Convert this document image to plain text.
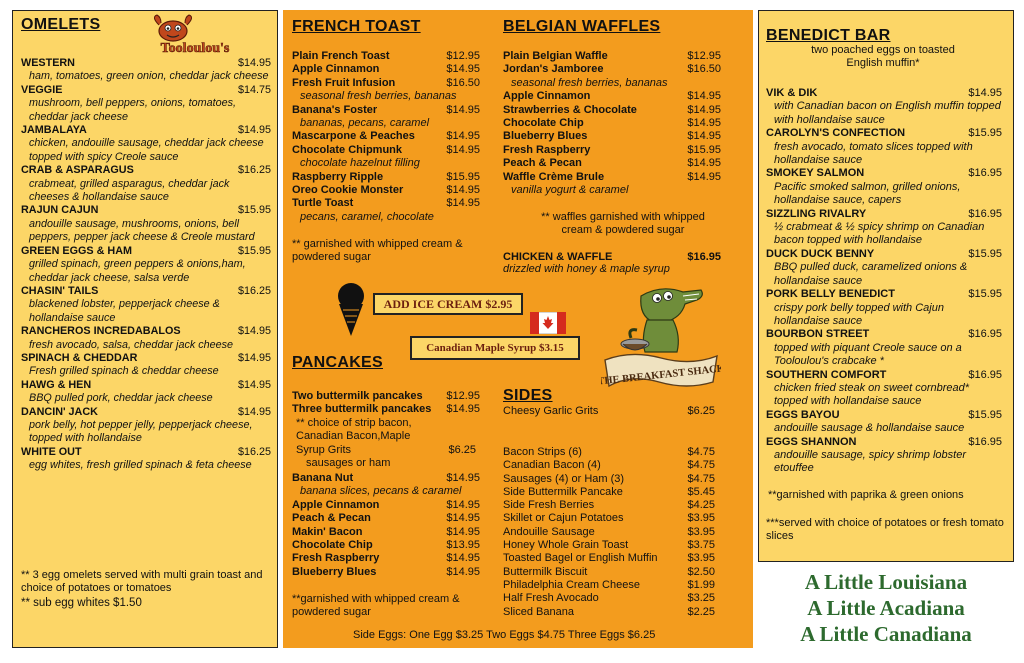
OMELETS
Tooloulou's
WESTERN	$14.95
ham, tomatoes, green onion, cheddar jack cheese
VEGGIE	$14.75
mushroom, bell peppers, onions, tomatoes, cheddar jack cheese
JAMBALAYA	$14.95
chicken, andouille sausage, cheddar jack cheese topped with spicy Creole sauce
CRAB & ASPARAGUS	$16.25
crabmeat, grilled asparagus, cheddar jack cheeses & hollandaise sauce
RAJUN CAJUN	$15.95
andouille sausage, mushrooms, onions, bell peppers, pepper jack cheese & Creole mustard
GREEN EGGS & HAM	$15.95
grilled spinach, green peppers & onions,ham, cheddar jack cheese, salsa verde
CHASIN' TAILS	$16.25
blackened lobster, pepperjack cheese & hollandaise sauce
RANCHEROS INCREDABALOS	$14.95
fresh avocado, salsa, cheddar jack cheese
SPINACH & CHEDDAR	$14.95
Fresh grilled spinach & cheddar cheese
HAWG & HEN	$14.95
BBQ pulled pork, cheddar jack cheese
DANCIN' JACK	$14.95
pork belly, hot pepper jelly, pepperjack cheese, topped with hollandaise
WHITE OUT	$16.25
egg whites, fresh grilled spinach & feta cheese
** 3 egg omelets served with multi grain toast and choice of potatoes or tomatoes
** sub egg whites $1.50
FRENCH TOAST
Plain French Toast	$12.95
Apple Cinnamon	$14.95
Fresh Fruit Infusion	$16.50
seasonal fresh berries, bananas
Banana's Foster	$14.95
bananas, pecans, caramel
Mascarpone & Peaches	$14.95
Chocolate Chipmunk	$14.95
chocolate hazelnut filling
Raspberry Ripple	$15.95
Oreo Cookie Monster	$14.95
Turtle Toast	$14.95
pecans, caramel, chocolate
** garnished with whipped cream & powdered sugar
BELGIAN WAFFLES
Plain Belgian Waffle	$12.95
Jordan's Jamboree	$16.50
seasonal fresh berries, bananas
Apple Cinnamon	$14.95
Strawberries & Chocolate	$14.95
Chocolate Chip	$14.95
Blueberry Blues	$14.95
Fresh Raspberry	$15.95
Peach & Pecan	$14.95
Waffle Crème Brule	$14.95
vanilla yogurt & caramel
** waffles garnished with whipped cream & powdered sugar
CHICKEN & WAFFLE	$16.95
drizzled with honey & maple syrup
ADD ICE CREAM $2.95
Canadian Maple Syrup $3.15
THE BREAKFAST SHACK
PANCAKES
Two buttermilk pancakes $12.95
Three buttermilk pancakes $14.95
** choice of strip bacon, Canadian Bacon,Maple Syrup Grits	$6.25
sausages or ham
Banana Nut	$14.95
banana slices, pecans & caramel
Apple Cinnamon	$14.95
Peach & Pecan	$14.95
Makin' Bacon	$14.95
Chocolate Chip	$13.95
Fresh Raspberry	$14.95
Blueberry Blues	$14.95
**garnished with whipped cream & powdered sugar
SIDES
Cheesy Garlic Grits	$6.25
Bacon Strips (6)	$4.75
Canadian Bacon (4)	$4.75
Sausages (4) or Ham (3)	$4.75
Side Buttermilk Pancake	$5.45
Side Fresh Berries	$4.25
Skillet or Cajun Potatoes	$3.95
Andouille Sausage	$3.95
Honey Whole Grain Toast	$3.75
Toasted Bagel or English Muffin	$3.95
Buttermilk Biscuit	$2.50
Philadelphia Cream Cheese	$1.99
Half Fresh Avocado	$3.25
Sliced Banana	$2.25
Side Eggs: One Egg $3.25 Two Eggs $4.75 Three Eggs $6.25
BENEDICT BAR
two poached eggs on toasted English muffin*
VIK & DIK	$14.95
with Canadian bacon on English muffin topped with hollandaise sauce
CAROLYN'S CONFECTION	$15.95
fresh avocado, tomato slices topped with hollandaise sauce
SMOKEY SALMON	$16.95
Pacific smoked salmon, grilled onions, hollandaise sauce, capers
SIZZLING RIVALRY	$16.95
½ crabmeat & ½ spicy shrimp on Canadian bacon topped with hollandaise
DUCK DUCK BENNY	$15.95
BBQ pulled duck, caramelized onions & hollandaise sauce
PORK BELLY BENEDICT	$15.95
crispy pork belly topped with Cajun hollandaise sauce
BOURBON STREET	$16.95
topped with piquant Creole sauce on a Tooloulou's crabcake *
SOUTHERN COMFORT	$16.95
chicken fried steak on sweet cornbread* topped with hollandaise sauce
EGGS BAYOU	$15.95
andouille sausage & hollandaise sauce
EGGS SHANNON	$16.95
andouille sausage, spicy shrimp lobster etouffee
**garnished with paprika & green onions
***served with choice of potatoes or fresh tomato slices
A Little Louisiana
A Little Acadiana
A Little Canadiana
